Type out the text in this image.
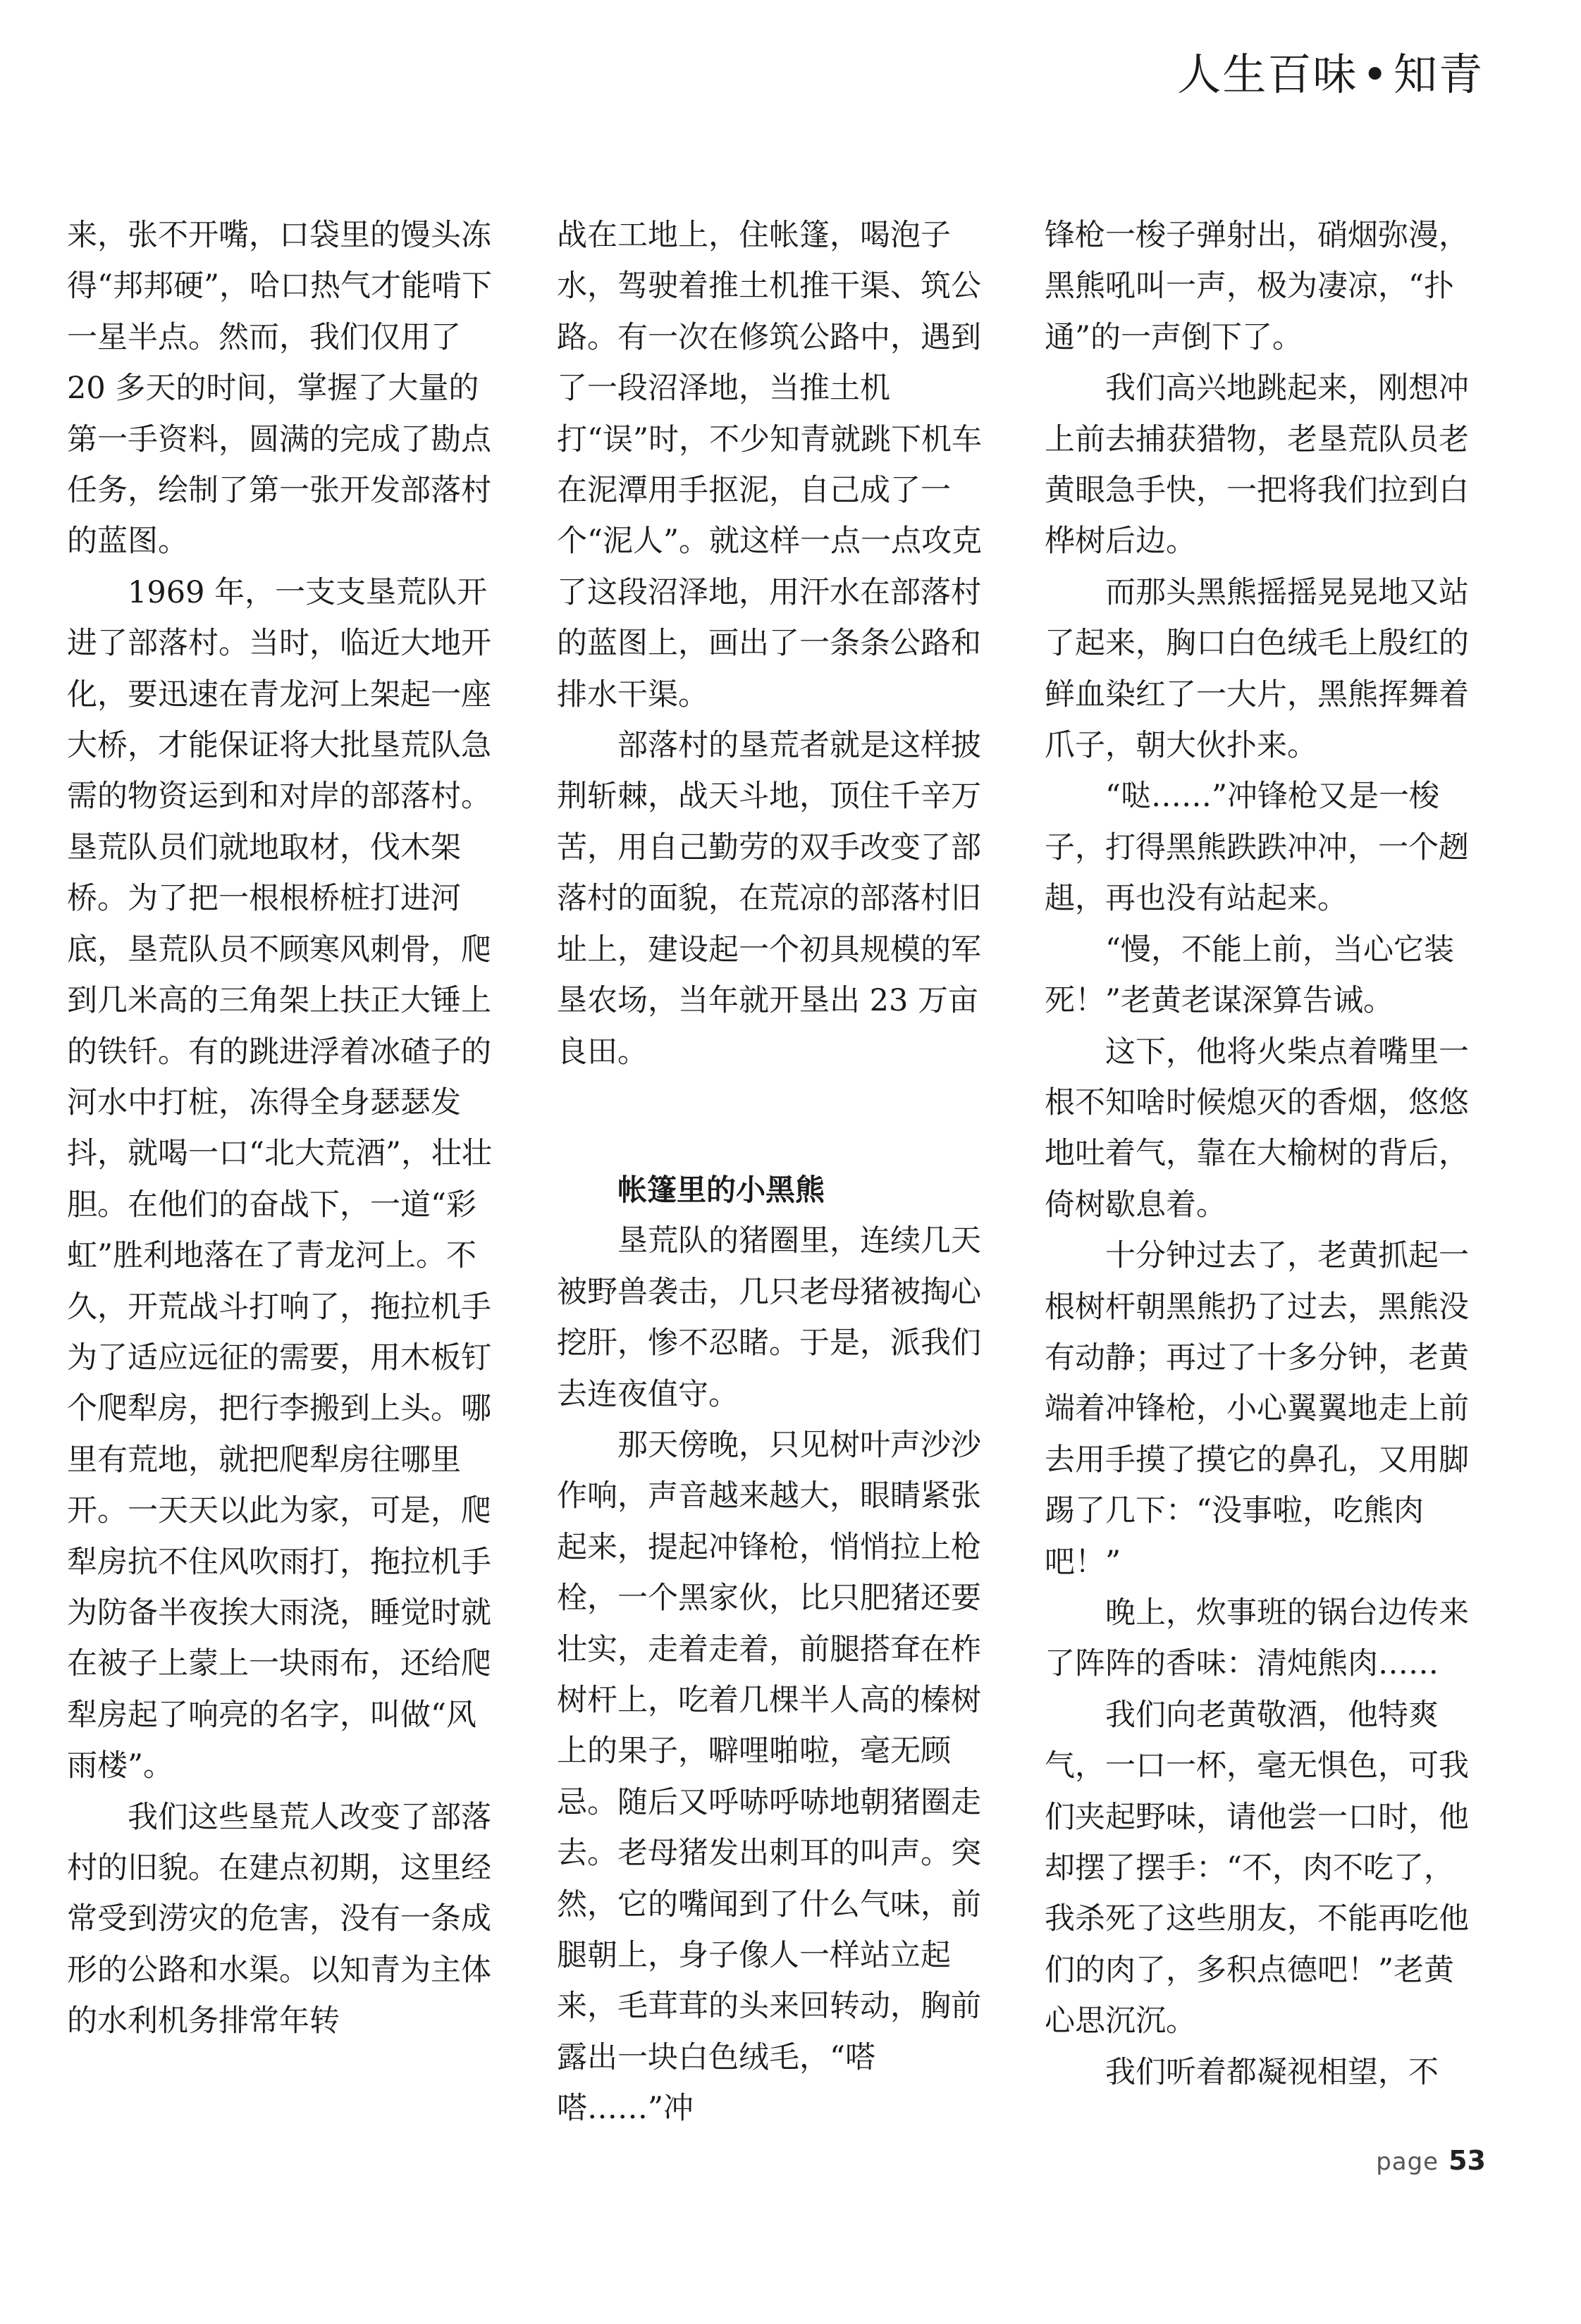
人生百味•知青

来，张不开嘴，口袋里的馒头冻得“邦邦硬”，哈口热气才能啃下一星半点。然而，我们仅用了 20 多天的时间，掌握了大量的第一手资料，圆满的完成了勘点任务，绘制了第一张开发部落村的蓝图。

1969 年，一支支垦荒队开进了部落村。当时，临近大地开化，要迅速在青龙河上架起一座大桥，才能保证将大批垦荒队急需的物资运到和对岸的部落村。垦荒队员们就地取材，伐木架桥。为了把一根根桥桩打进河底，垦荒队员不顾寒风刺骨，爬到几米高的三角架上扶正大锤上的铁钎。有的跳进浮着冰碴子的河水中打桩，冻得全身瑟瑟发抖，就喝一口“北大荒酒”，壮壮胆。在他们的奋战下，一道“彩虹”胜利地落在了青龙河上。不久，开荒战斗打响了，拖拉机手为了适应远征的需要，用木板钉个爬犁房，把行李搬到上头。哪里有荒地，就把爬犁房往哪里开。一天天以此为家，可是，爬犁房抗不住风吹雨打，拖拉机手为防备半夜挨大雨浇，睡觉时就在被子上蒙上一块雨布，还给爬犁房起了响亮的名字，叫做“风雨楼”。

我们这些垦荒人改变了部落村的旧貌。在建点初期，这里经常受到涝灾的危害，没有一条成形的公路和水渠。以知青为主体的水利机务排常年转

战在工地上，住帐篷，喝泡子水，驾驶着推土机推干渠、筑公路。有一次在修筑公路中，遇到了一段沼泽地，当推土机打“误”时，不少知青就跳下机车在泥潭用手抠泥，自己成了一个“泥人”。就这样一点一点攻克了这段沼泽地，用汗水在部落村的蓝图上，画出了一条条公路和排水干渠。

部落村的垦荒者就是这样披荆斩棘，战天斗地，顶住千辛万苦，用自己勤劳的双手改变了部落村的面貌，在荒凉的部落村旧址上，建设起一个初具规模的军垦农场，当年就开垦出 23 万亩良田。

帐篷里的小黑熊

垦荒队的猪圈里，连续几天被野兽袭击，几只老母猪被掏心挖肝，惨不忍睹。于是，派我们去连夜值守。

那天傍晚，只见树叶声沙沙作响，声音越来越大，眼睛紧张起来，提起冲锋枪，悄悄拉上枪栓，一个黑家伙，比只肥猪还要壮实，走着走着，前腿搭耷在柞树杆上，吃着几棵半人高的榛树上的果子，噼哩啪啦，毫无顾忌。随后又呼哧呼哧地朝猪圈走去。老母猪发出刺耳的叫声。突然，它的嘴闻到了什么气味，前腿朝上，身子像人一样站立起来，毛茸茸的头来回转动，胸前露出一块白色绒毛，“嗒嗒……”冲

锋枪一梭子弹射出，硝烟弥漫，黑熊吼叫一声，极为凄凉，“扑通”的一声倒下了。

我们高兴地跳起来，刚想冲上前去捕获猎物，老垦荒队员老黄眼急手快，一把将我们拉到白桦树后边。

而那头黑熊摇摇晃晃地又站了起来，胸口白色绒毛上殷红的鲜血染红了一大片，黑熊挥舞着爪子，朝大伙扑来。

“哒……”冲锋枪又是一梭子，打得黑熊跌跌冲冲，一个趔趄，再也没有站起来。

“慢，不能上前，当心它装死！”老黄老谋深算告诫。

这下，他将火柴点着嘴里一根不知啥时候熄灭的香烟，悠悠地吐着气，靠在大榆树的背后，倚树歇息着。

十分钟过去了，老黄抓起一根树杆朝黑熊扔了过去，黑熊没有动静；再过了十多分钟，老黄端着冲锋枪，小心翼翼地走上前去用手摸了摸它的鼻孔，又用脚踢了几下：“没事啦，吃熊肉吧！”

晚上，炊事班的锅台边传来了阵阵的香味：清炖熊肉……

我们向老黄敬酒，他特爽气，一口一杯，毫无惧色，可我们夹起野味，请他尝一口时，他却摆了摆手：“不，肉不吃了，我杀死了这些朋友，不能再吃他们的肉了，多积点德吧！”老黄心思沉沉。

我们听着都凝视相望，不

page 53
